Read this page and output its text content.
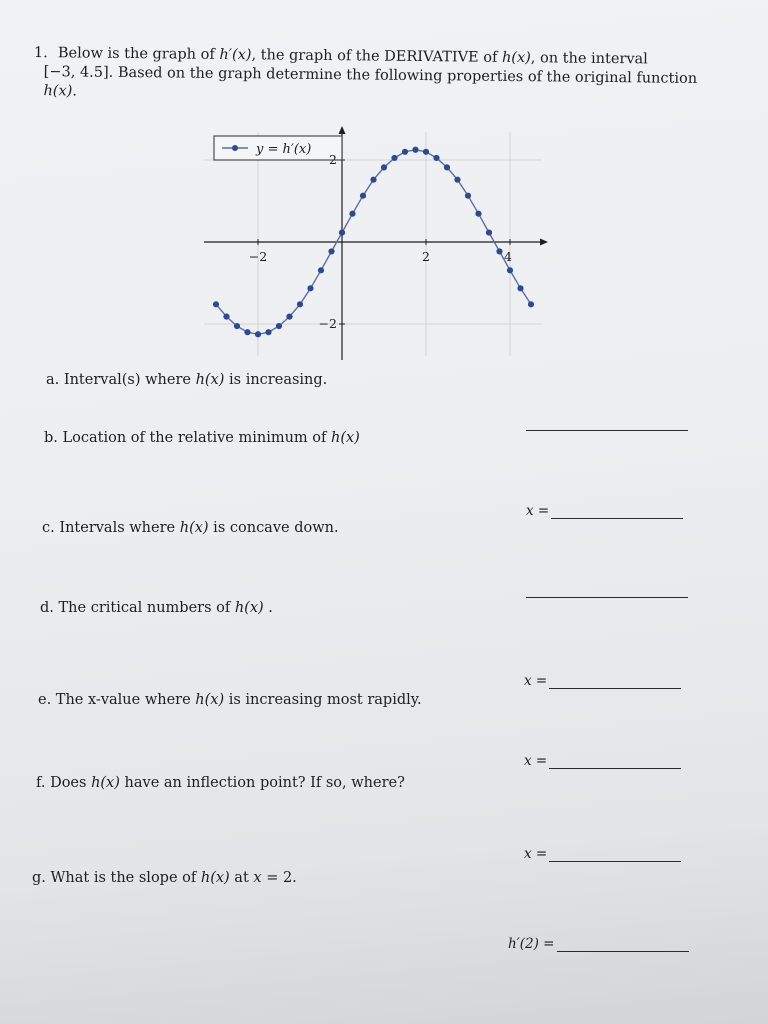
1. Below is the graph of h′(x), the graph of the DERIVATIVE of h(x), on the interval
[−3, 4.5]. Based on the graph determine the following properties of the original function
h(x).
y = h′(x)
−2	2	4
2
−2
a. Interval(s) where h(x) is increasing.
b. Location of the relative minimum of h(x)
x =
c. Intervals where h(x) is concave down.
d. The critical numbers of h(x) .
x =
e. The x-value where h(x) is increasing most rapidly.
x =
f. Does h(x) have an inflection point? If so, where?
x =
g. What is the slope of h(x) at x = 2.
h′(2) =
